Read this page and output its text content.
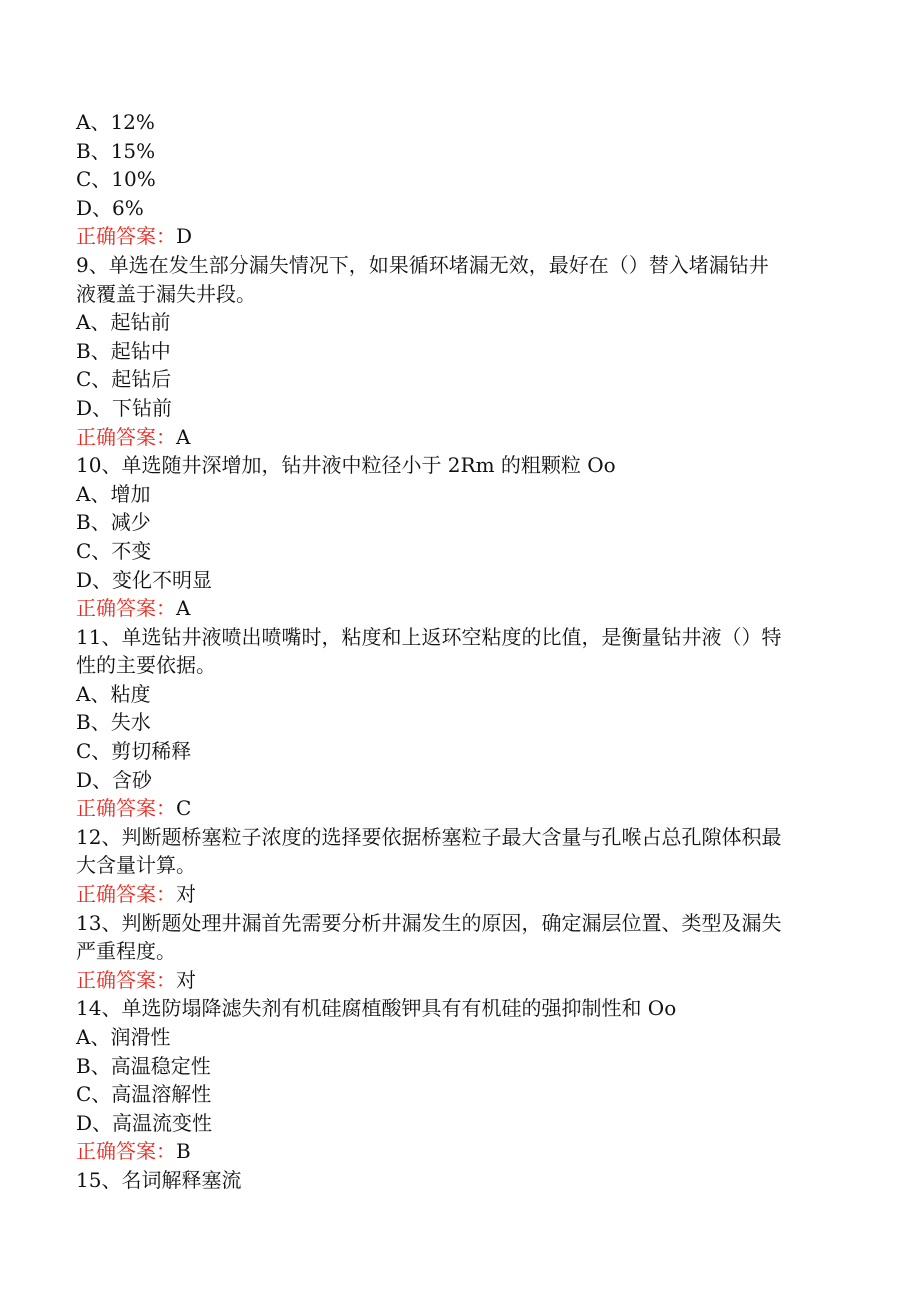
A、12%

B、15%

C、10%

D、6%

正确答案：D

9、单选在发生部分漏失情况下，如果循环堵漏无效，最好在（）替入堵漏钻井

液覆盖于漏失井段。

A、起钻前

B、起钻中

C、起钻后

D、下钻前

正确答案：A

10、单选随井深增加，钻井液中粒径小于 2Rm 的粗颗粒 Oo

A、增加

B、减少

C、不变

D、变化不明显

正确答案：A

11、单选钻井液喷出喷嘴时，粘度和上返环空粘度的比值，是衡量钻井液（）特

性的主要依据。

A、粘度

B、失水

C、剪切稀释

D、含砂

正确答案：C

12、判断题桥塞粒子浓度的选择要依据桥塞粒子最大含量与孔喉占总孔隙体积最

大含量计算。

正确答案：对

13、判断题处理井漏首先需要分析井漏发生的原因，确定漏层位置、类型及漏失

严重程度。

正确答案：对

14、单选防塌降滤失剂有机硅腐植酸钾具有有机硅的强抑制性和 Oo

A、润滑性

B、高温稳定性

C、高温溶解性

D、高温流变性

正确答案：B

15、名词解释塞流
